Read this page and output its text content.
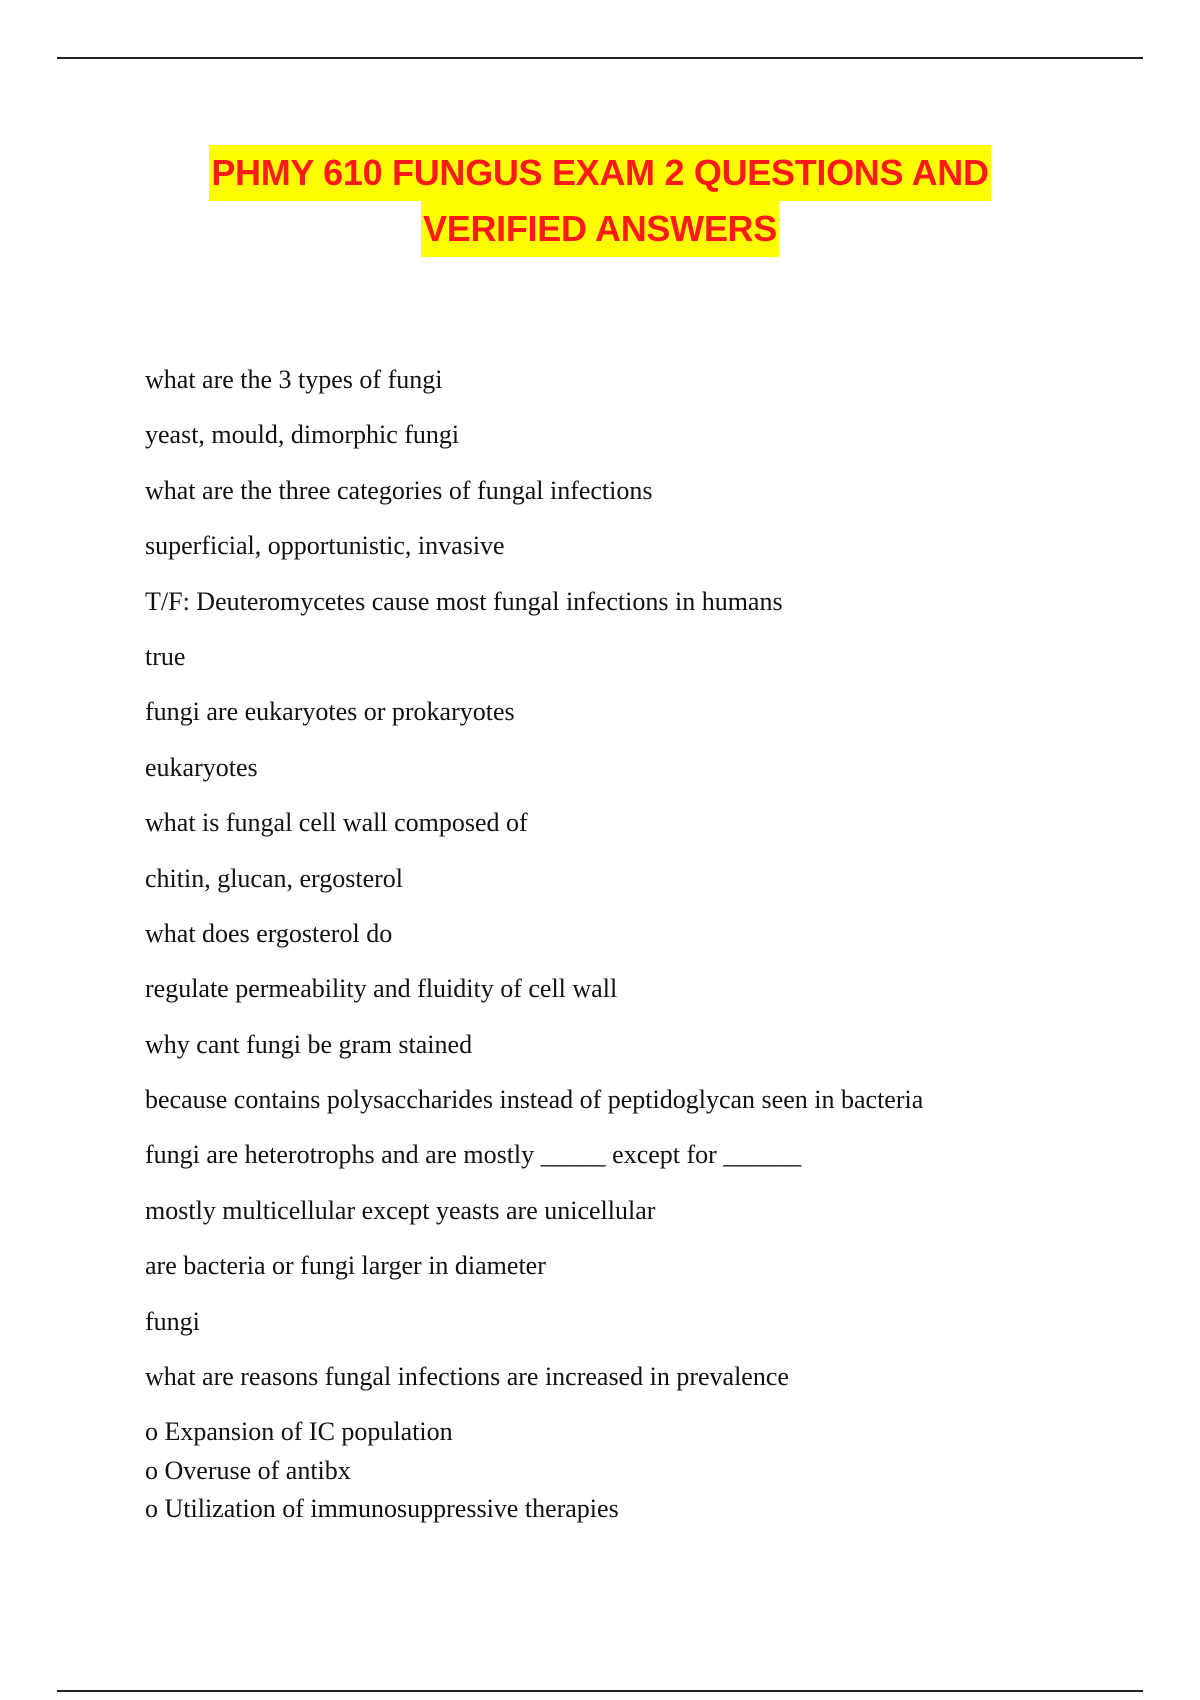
PHMY 610 FUNGUS EXAM 2 QUESTIONS AND
VERIFIED ANSWERS
what are the 3 types of fungi
yeast, mould, dimorphic fungi
what are the three categories of fungal infections
superficial, opportunistic, invasive
T/F: Deuteromycetes cause most fungal infections in humans
true
fungi are eukaryotes or prokaryotes
eukaryotes
what is fungal cell wall composed of
chitin, glucan, ergosterol
what does ergosterol do
regulate permeability and fluidity of cell wall
why cant fungi be gram stained
because contains polysaccharides instead of peptidoglycan seen in bacteria
fungi are heterotrophs and are mostly _____ except for ______
mostly multicellular except yeasts are unicellular
are bacteria or fungi larger in diameter
fungi
what are reasons fungal infections are increased in prevalence
o Expansion of IC population
o Overuse of antibx
o Utilization of immunosuppressive therapies
